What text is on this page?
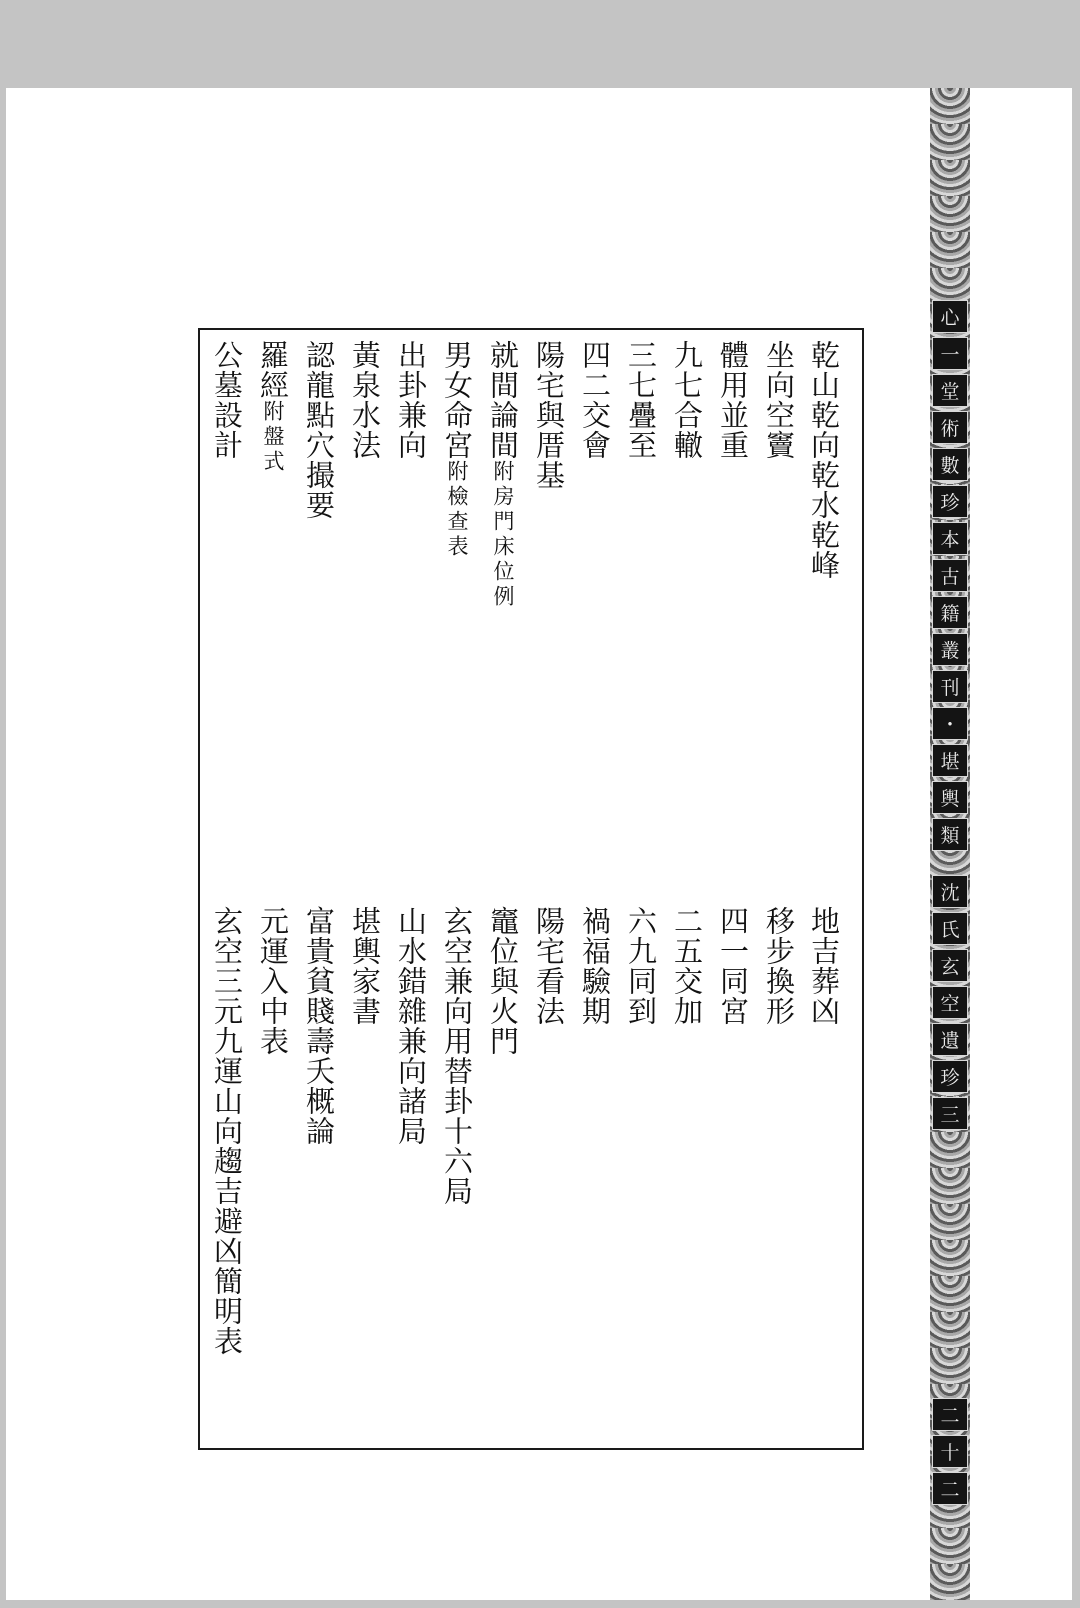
乾山乾向乾水乾峰
坐向空竇
體用並重
九七合轍
三七疊至
四二交會
陽宅與厝基
就間論間附房門床位例
男女命宮附檢查表
出卦兼向
黃泉水法
認龍點穴撮要
羅經附盤式
公墓設計
地吉葬凶
移步換形
四一同宮
二五交加
六九同到
禍福驗期
陽宅看法
竈位與火門
玄空兼向用替卦十六局
山水錯雜兼向諸局
堪輿家書
富貴貧賤壽夭概論
元運入中表
玄空三元九運山向趨吉避凶簡明表
心
一
堂
術
數
珍
本
古
籍
叢
刊
・
堪
輿
類
沈
氏
玄
空
遺
珍
三
二
十
二
